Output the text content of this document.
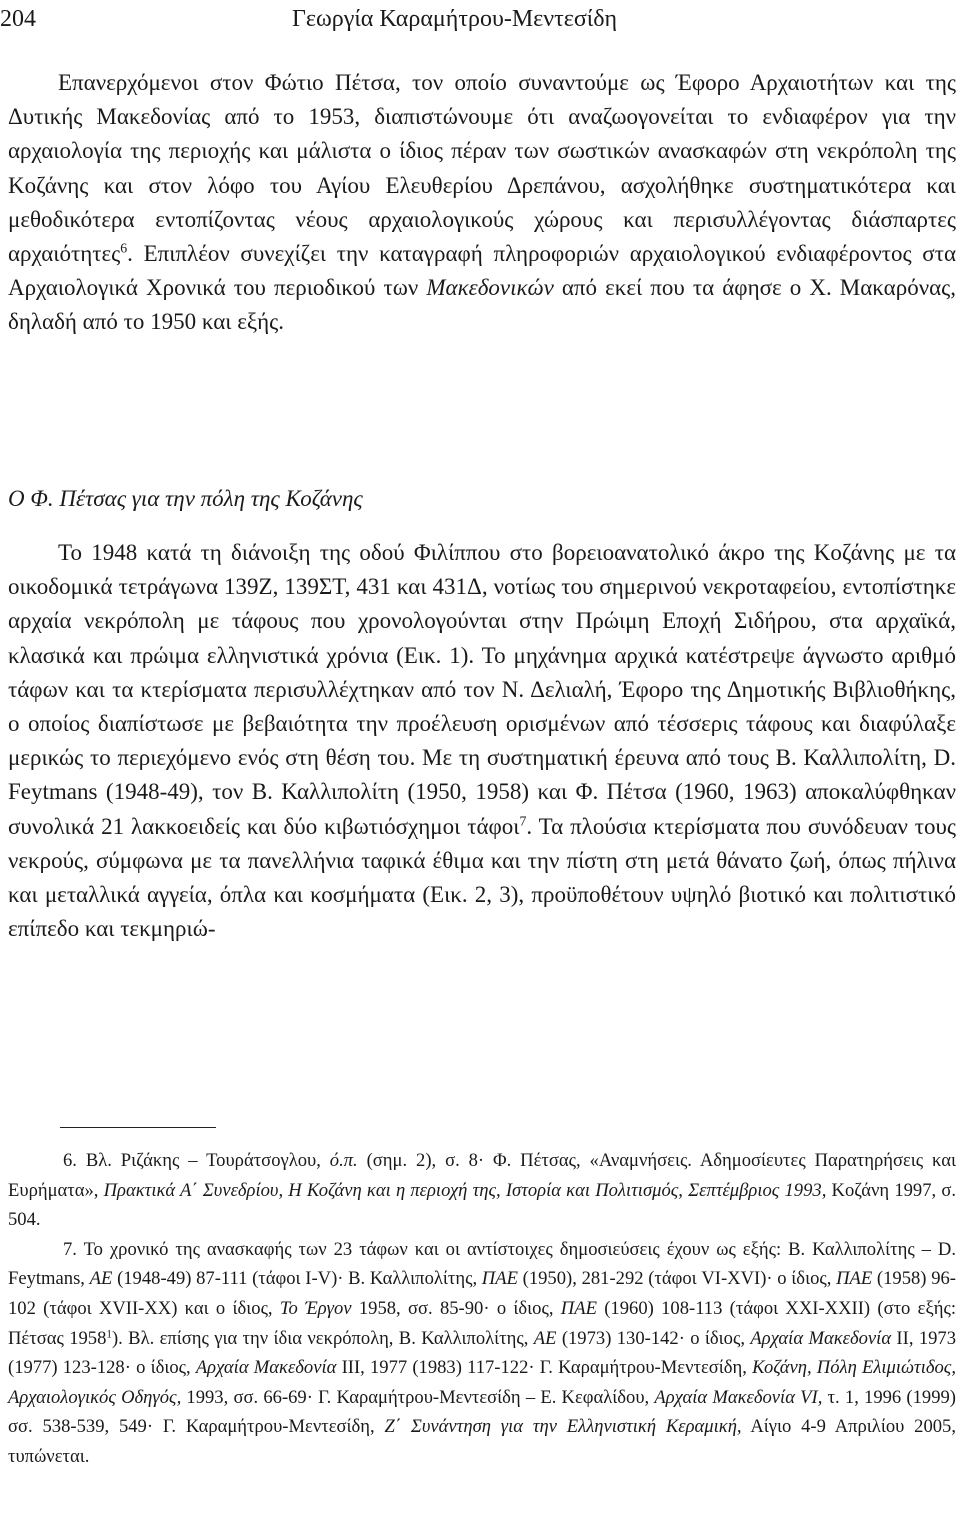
204	Γεωργία Καραμήτρου-Μεντεσίδη

Επανερχόμενοι στον Φώτιο Πέτσα, τον οποίο συναντούμε ως Έφορο Αρχαιοτήτων και της Δυτικής Μακεδονίας από το 1953, διαπιστώνουμε ότι αναζωογονείται το ενδιαφέρον για την αρχαιολογία της περιοχής και μάλιστα ο ίδιος πέραν των σωστικών ανασκαφών στη νεκρόπολη της Κοζάνης και στον λόφο του Αγίου Ελευθερίου Δρεπάνου, ασχολήθηκε συστηματικότερα και μεθοδικότερα εντοπίζοντας νέους αρχαιολογικούς χώρους και περισυλλέγοντας διάσπαρτες αρχαιότητες$^6$. Επιπλέον συνεχίζει την καταγραφή πληροφοριών αρχαιολογικού ενδιαφέροντος στα Αρχαιολογικά Χρονικά του περιοδικού των Μακεδονικών από εκεί που τα άφησε ο Χ. Μακαρόνας, δηλαδή από το 1950 και εξής.

Ο Φ. Πέτσας για την πόλη της Κοζάνης

Το 1948 κατά τη διάνοιξη της οδού Φιλίππου στο βορειοανατολικό άκρο της Κοζάνης με τα οικοδομικά τετράγωνα 139Ζ, 139ΣΤ, 431 και 431Δ, νοτίως του σημερινού νεκροταφείου, εντοπίστηκε αρχαία νεκρόπολη με τάφους που χρονολογούνται στην Πρώιμη Εποχή Σιδήρου, στα αρχαϊκά, κλασικά και πρώιμα ελληνιστικά χρόνια (Εικ. 1). Το μηχάνημα αρχικά κατέστρεψε άγνωστο αριθμό τάφων και τα κτερίσματα περισυλλέχτηκαν από τον Ν. Δελιαλή, Έφορο της Δημοτικής Βιβλιοθήκης, ο οποίος διαπίστωσε με βεβαιότητα την προέλευση ορισμένων από τέσσερις τάφους και διαφύλαξε μερικώς το περιεχόμενο ενός στη θέση του. Με τη συστηματική έρευνα από τους Β. Καλλιπολίτη, D. Feytmans (1948-49), τον Β. Καλλιπολίτη (1950, 1958) και Φ. Πέτσα (1960, 1963) αποκαλύφθηκαν συνολικά 21 λακκοειδείς και δύο κιβωτιόσχημοι τάφοι$^7$. Τα πλούσια κτερίσματα που συνόδευαν τους νεκρούς, σύμφωνα με τα πανελλήνια ταφικά έθιμα και την πίστη στη μετά θάνατο ζωή, όπως πήλινα και μεταλλικά αγγεία, όπλα και κοσμήματα (Εικ. 2, 3), προϋποθέτουν υψηλό βιοτικό και πολιτιστικό επίπεδο και τεκμηριώ-

6. Βλ. Ριζάκης – Τουράτσογλου, ό.π. (σημ. 2), σ. 8· Φ. Πέτσας, «Αναμνήσεις. Αδημοσίευτες Παρατηρήσεις και Ευρήματα», Πρακτικά Α΄ Συνεδρίου, Η Κοζάνη και η περιοχή της, Ιστορία και Πολιτισμός, Σεπτέμβριος 1993, Κοζάνη 1997, σ. 504.

7. Το χρονικό της ανασκαφής των 23 τάφων και οι αντίστοιχες δημοσιεύσεις έχουν ως εξής: Β. Καλλιπολίτης – D. Feytmans, ΑΕ (1948-49) 87-111 (τάφοι I-V)· Β. Καλλιπολίτης, ΠΑΕ (1950), 281-292 (τάφοι VI-XVI)· ο ίδιος, ΠΑΕ (1958) 96-102 (τάφοι XVII-XX) και ο ίδιος, Το Έργον 1958, σσ. 85-90· ο ίδιος, ΠΑΕ (1960) 108-113 (τάφοι XXI-XXII) (στο εξής: Πέτσας 1958$^1$). Βλ. επίσης για την ίδια νεκρόπολη, Β. Καλλιπολίτης, ΑΕ (1973) 130-142· ο ίδιος, Αρχαία Μακεδονία II, 1973 (1977) 123-128· ο ίδιος, Αρχαία Μακεδονία III, 1977 (1983) 117-122· Γ. Καραμήτρου-Μεντεσίδη, Κοζάνη, Πόλη Ελιμιώτιδος, Αρχαιολογικός Οδηγός, 1993, σσ. 66-69· Γ. Καραμήτρου-Μεντεσίδη – Ε. Κεφαλίδου, Αρχαία Μακεδονία VI, τ. 1, 1996 (1999) σσ. 538-539, 549· Γ. Καραμήτρου-Μεντεσίδη, Ζ΄ Συνάντηση για την Ελληνιστική Κεραμική, Αίγιο 4-9 Απριλίου 2005, τυπώνεται.
